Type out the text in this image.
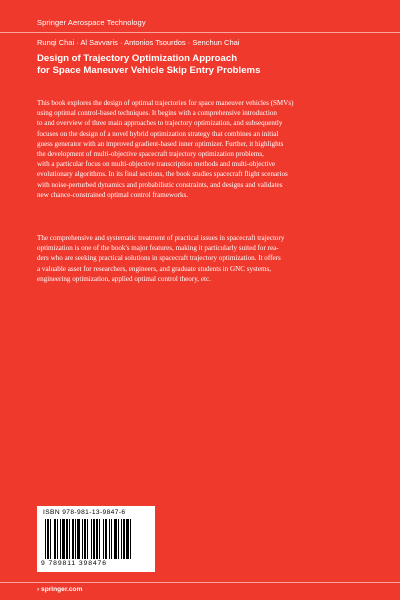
Springer Aerospace Technology
Runqi Chai · Al Savvaris · Antonios Tsourdos · Senchun Chai
Design of Trajectory Optimization Approach
for Space Maneuver Vehicle Skip Entry Problems
This book explores the design of optimal trajectories for space maneuver vehicles (SMVs)
using optimal control-based techniques. It begins with a comprehensive introduction
to and overview of three main approaches to trajectory optimization, and subsequently
focuses on the design of a novel hybrid optimization strategy that combines an initial
guess generator with an improved gradient-based inner optimizer. Further, it highlights
the development of multi-objective spacecraft trajectory optimization problems,
with a particular focus on multi-objective transcription methods and multi-objective
evolutionary algorithms. In its final sections, the book studies spacecraft flight scenarios
with noise-perturbed dynamics and probabilistic constraints, and designs and validates
new chance-constrained optimal control frameworks.
The comprehensive and systematic treatment of practical issues in spacecraft trajectory
optimization is one of the book's major features, making it particularly suited for rea-
ders who are seeking practical solutions in spacecraft trajectory optimization. It offers
a valuable asset for researchers, engineers, and graduate students in GNC systems,
engineering optimization, applied optimal control theory, etc.
ISBN 978-981-13-9847-6
9 789811 398476
› springer.com
